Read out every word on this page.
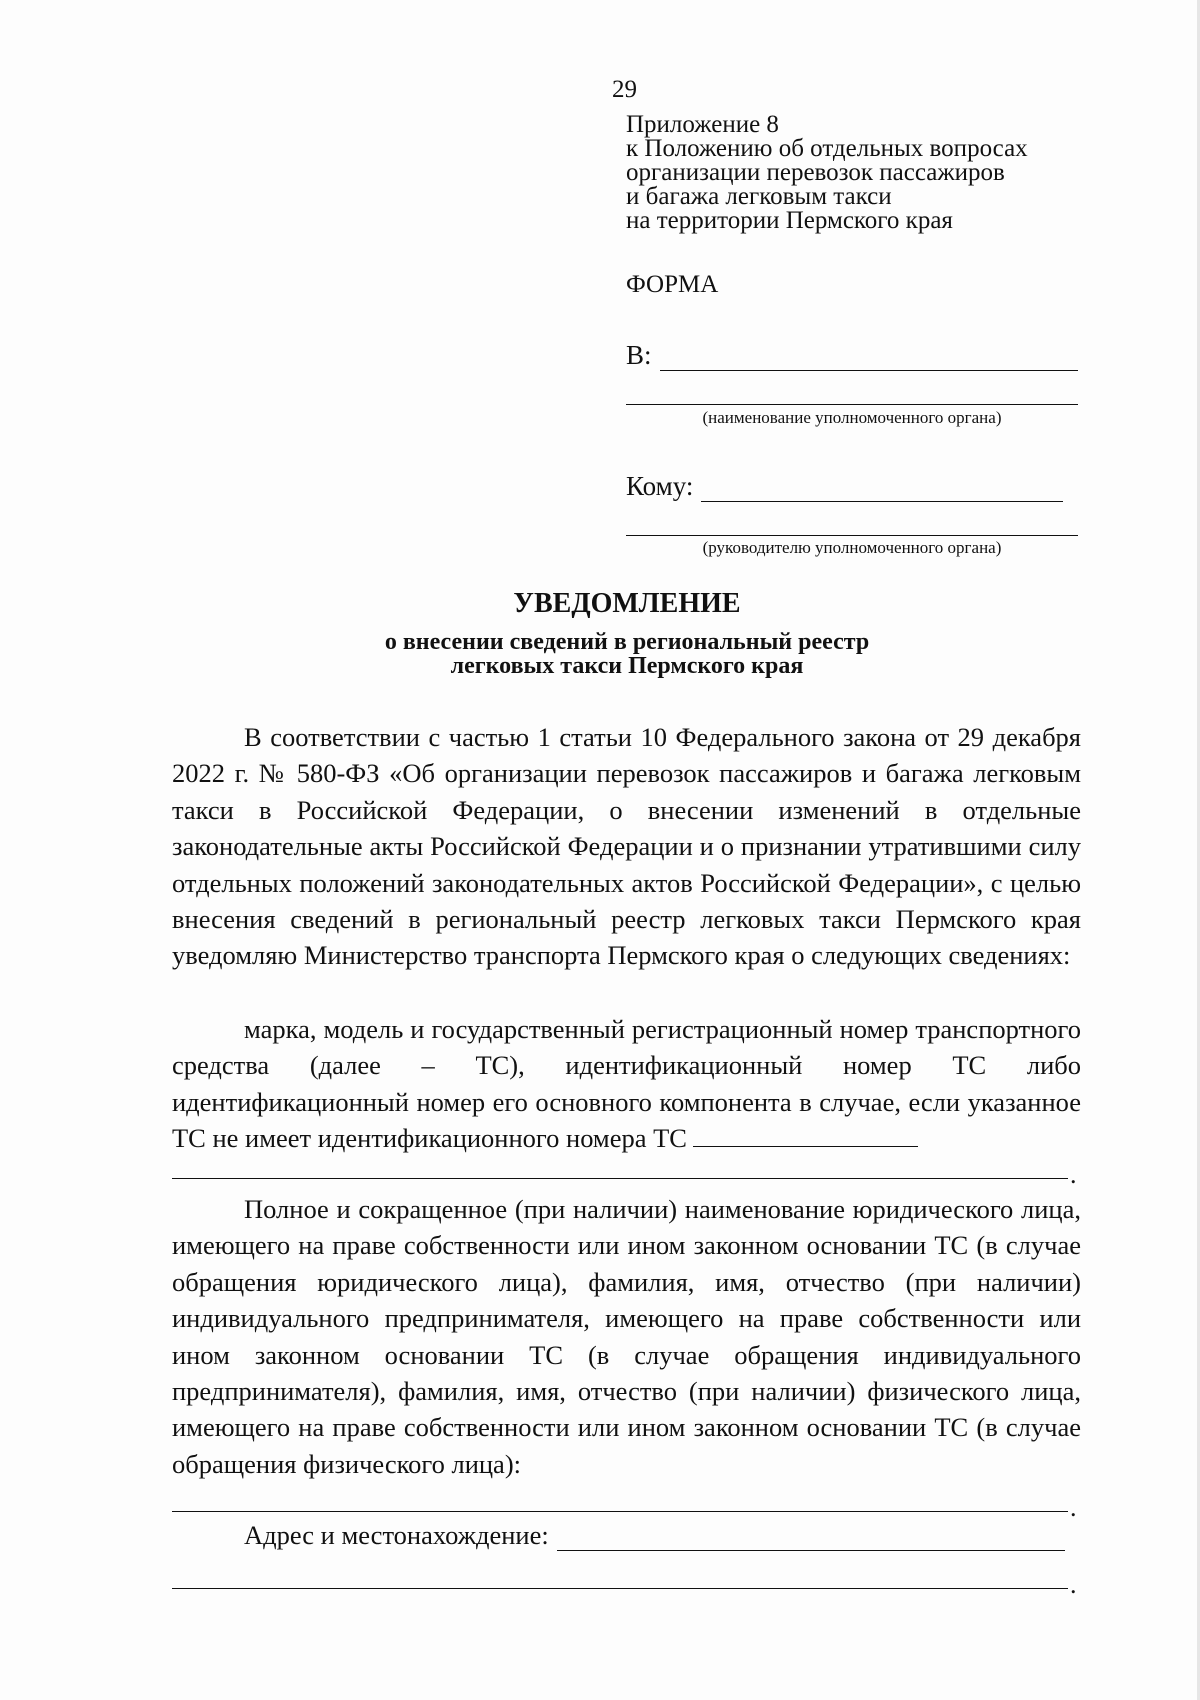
29
Приложение 8
к Положению об отдельных вопросах
организации перевозок пассажиров
и багажа легковым такси
на территории Пермского края
ФОРМА
В:
(наименование уполномоченного органа)
Кому:
(руководителю уполномоченного органа)
УВЕДОМЛЕНИЕ
о внесении сведений в региональный реестр
легковых такси Пермского края
В соответствии с частью 1 статьи 10 Федерального закона от 29 декабря 2022 г. № 580-ФЗ «Об организации перевозок пассажиров и багажа легковым такси в Российской Федерации, о внесении изменений в отдельные законодательные акты Российской Федерации и о признании утратившими силу отдельных положений законодательных актов Российской Федерации», с целью внесения сведений в региональный реестр легковых такси Пермского края уведомляю Министерство транспорта Пермского края о следующих сведениях:
марка, модель и государственный регистрационный номер транспортного средства (далее – ТС), идентификационный номер ТС либо идентификационный номер его основного компонента в случае, если указанное ТС не имеет идентификационного номера ТС
.
Полное и сокращенное (при наличии) наименование юридического лица, имеющего на праве собственности или ином законном основании ТС (в случае обращения юридического лица), фамилия, имя, отчество (при наличии) индивидуального предпринимателя, имеющего на праве собственности или ином законном основании ТС (в случае обращения индивидуального предпринимателя), фамилия, имя, отчество (при наличии) физического лица, имеющего на праве собственности или ином законном основании ТС (в случае обращения физического лица):
.
Адрес и местонахождение:
.
